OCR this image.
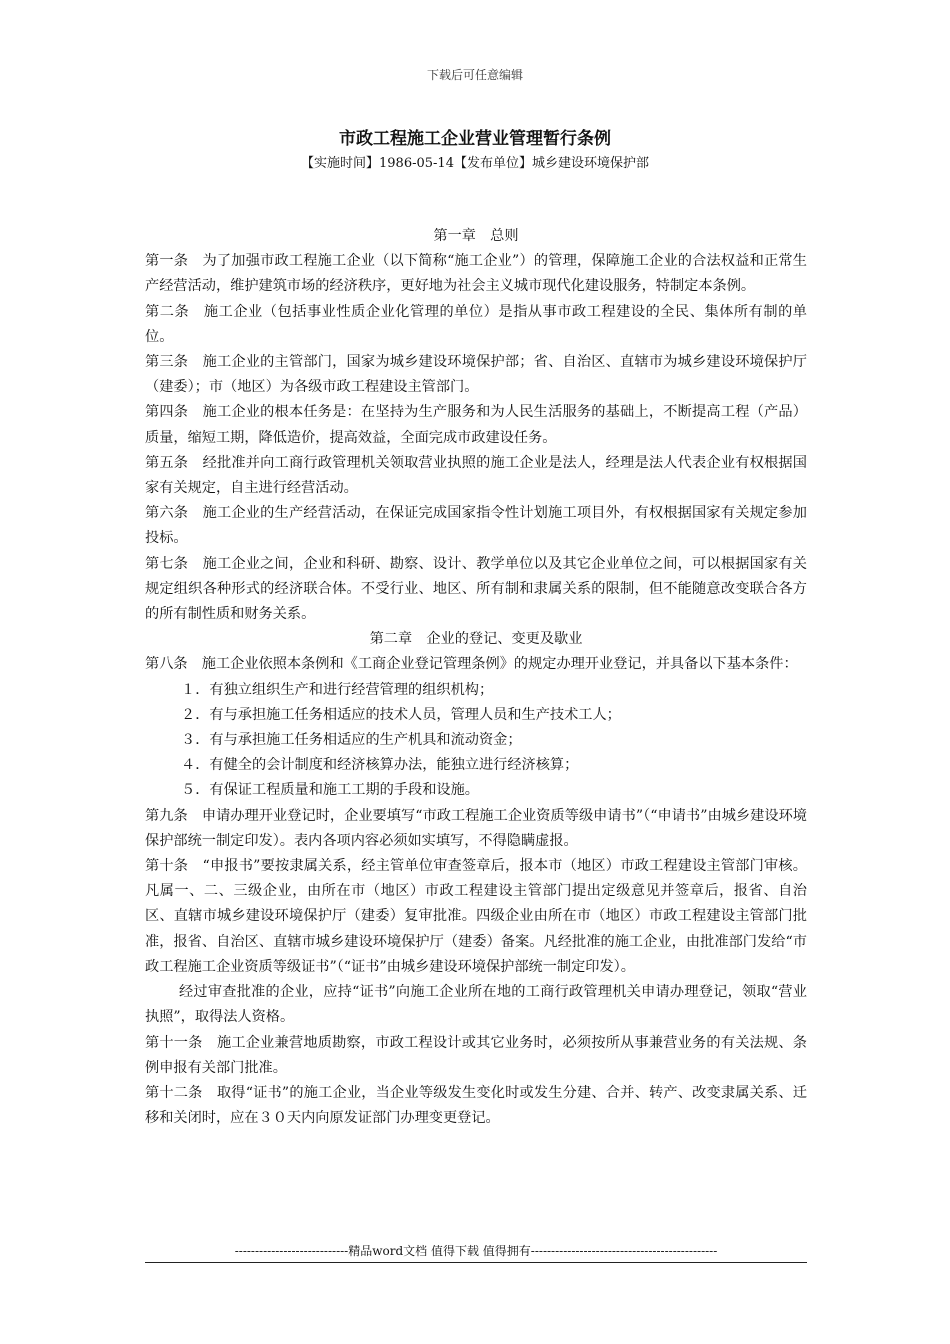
下载后可任意编辑
市政工程施工企业营业管理暂行条例
【实施时间】1986-05-14【发布单位】城乡建设环境保护部

第一章　总则

第一条　为了加强市政工程施工企业（以下简称“施工企业”）的管理，保障施工企业的合法权益和正常生产经营活动，维护建筑市场的经济秩序，更好地为社会主义城市现代化建设服务，特制定本条例。

第二条　施工企业（包括事业性质企业化管理的单位）是指从事市政工程建设的全民、集体所有制的单位。

第三条　施工企业的主管部门，国家为城乡建设环境保护部；省、自治区、直辖市为城乡建设环境保护厅（建委）；市（地区）为各级市政工程建设主管部门。

第四条　施工企业的根本任务是：在坚持为生产服务和为人民生活服务的基础上，不断提高工程（产品）质量，缩短工期，降低造价，提高效益，全面完成市政建设任务。

第五条　经批准并向工商行政管理机关领取营业执照的施工企业是法人，经理是法人代表企业有权根据国家有关规定，自主进行经营活动。

第六条　施工企业的生产经营活动，在保证完成国家指令性计划施工项目外，有权根据国家有关规定参加投标。

第七条　施工企业之间，企业和科研、勘察、设计、教学单位以及其它企业单位之间，可以根据国家有关规定组织各种形式的经济联合体。不受行业、地区、所有制和隶属关系的限制，但不能随意改变联合各方的所有制性质和财务关系。

第二章　企业的登记、变更及歇业

第八条　施工企业依照本条例和《工商企业登记管理条例》的规定办理开业登记，并具备以下基本条件：

１．有独立组织生产和进行经营管理的组织机构；

２．有与承担施工任务相适应的技术人员，管理人员和生产技术工人；

３．有与承担施工任务相适应的生产机具和流动资金；

４．有健全的会计制度和经济核算办法，能独立进行经济核算；

５．有保证工程质量和施工工期的手段和设施。

第九条　申请办理开业登记时，企业要填写“市政工程施工企业资质等级申请书”（“申请书”由城乡建设环境保护部统一制定印发）。表内各项内容必须如实填写，不得隐瞒虚报。

第十条　“申报书”要按隶属关系，经主管单位审查签章后，报本市（地区）市政工程建设主管部门审核。凡属一、二、三级企业，由所在市（地区）市政工程建设主管部门提出定级意见并签章后，报省、自治区、直辖市城乡建设环境保护厅（建委）复审批准。四级企业由所在市（地区）市政工程建设主管部门批准，报省、自治区、直辖市城乡建设环境保护厅（建委）备案。凡经批准的施工企业，由批准部门发给“市政工程施工企业资质等级证书”（“证书”由城乡建设环境保护部统一制定印发）。

经过审查批准的企业，应持“证书”向施工企业所在地的工商行政管理机关申请办理登记，领取“营业执照”，取得法人资格。

第十一条　施工企业兼营地质勘察，市政工程设计或其它业务时，必须按所从事兼营业务的有关法规、条例申报有关部门批准。

第十二条　取得“证书”的施工企业，当企业等级发生变化时或发生分建、合并、转产、改变隶属关系、迁移和关闭时，应在３０天内向原发证部门办理变更登记。

----------------------------精品word文档 值得下载 值得拥有----------------------------------------------
